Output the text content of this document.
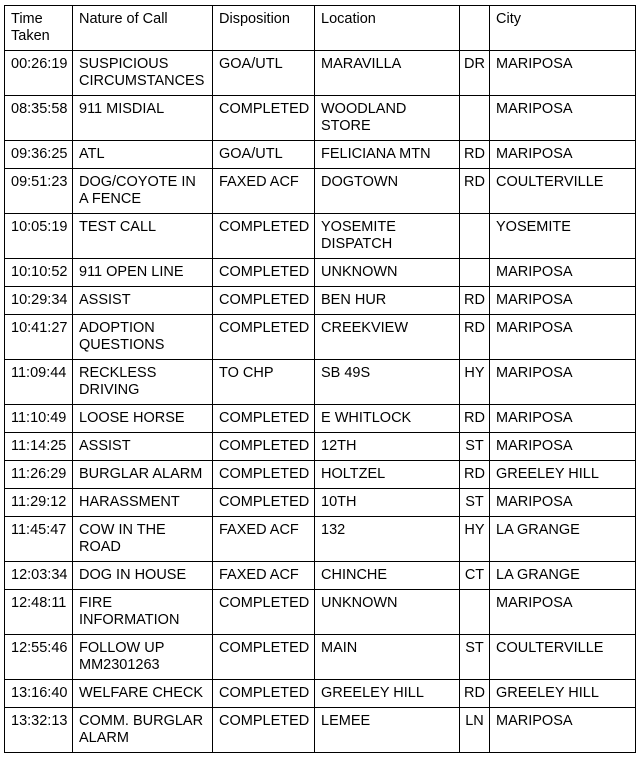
Time
Taken	Nature of Call	Disposition	Location		City
00:26:19	SUSPICIOUS
CIRCUMSTANCES	GOA/UTL	MARAVILLA	DR	MARIPOSA
08:35:58	911 MISDIAL	COMPLETED	WOODLAND
STORE		MARIPOSA
09:36:25	ATL	GOA/UTL	FELICIANA MTN	RD	MARIPOSA
09:51:23	DOG/COYOTE IN
A FENCE	FAXED ACF	DOGTOWN	RD	COULTERVILLE
10:05:19	TEST CALL	COMPLETED	YOSEMITE
DISPATCH		YOSEMITE
10:10:52	911 OPEN LINE	COMPLETED	UNKNOWN		MARIPOSA
10:29:34	ASSIST	COMPLETED	BEN HUR	RD	MARIPOSA
10:41:27	ADOPTION
QUESTIONS	COMPLETED	CREEKVIEW	RD	MARIPOSA
11:09:44	RECKLESS
DRIVING	TO CHP	SB 49S	HY	MARIPOSA
11:10:49	LOOSE HORSE	COMPLETED	E WHITLOCK	RD	MARIPOSA
11:14:25	ASSIST	COMPLETED	12TH	ST	MARIPOSA
11:26:29	BURGLAR ALARM	COMPLETED	HOLTZEL	RD	GREELEY HILL
11:29:12	HARASSMENT	COMPLETED	10TH	ST	MARIPOSA
11:45:47	COW IN THE
ROAD	FAXED ACF	132	HY	LA GRANGE
12:03:34	DOG IN HOUSE	FAXED ACF	CHINCHE	CT	LA GRANGE
12:48:11	FIRE
INFORMATION	COMPLETED	UNKNOWN		MARIPOSA
12:55:46	FOLLOW UP
MM2301263	COMPLETED	MAIN	ST	COULTERVILLE
13:16:40	WELFARE CHECK	COMPLETED	GREELEY HILL	RD	GREELEY HILL
13:32:13	COMM. BURGLAR
ALARM	COMPLETED	LEMEE	LN	MARIPOSA
